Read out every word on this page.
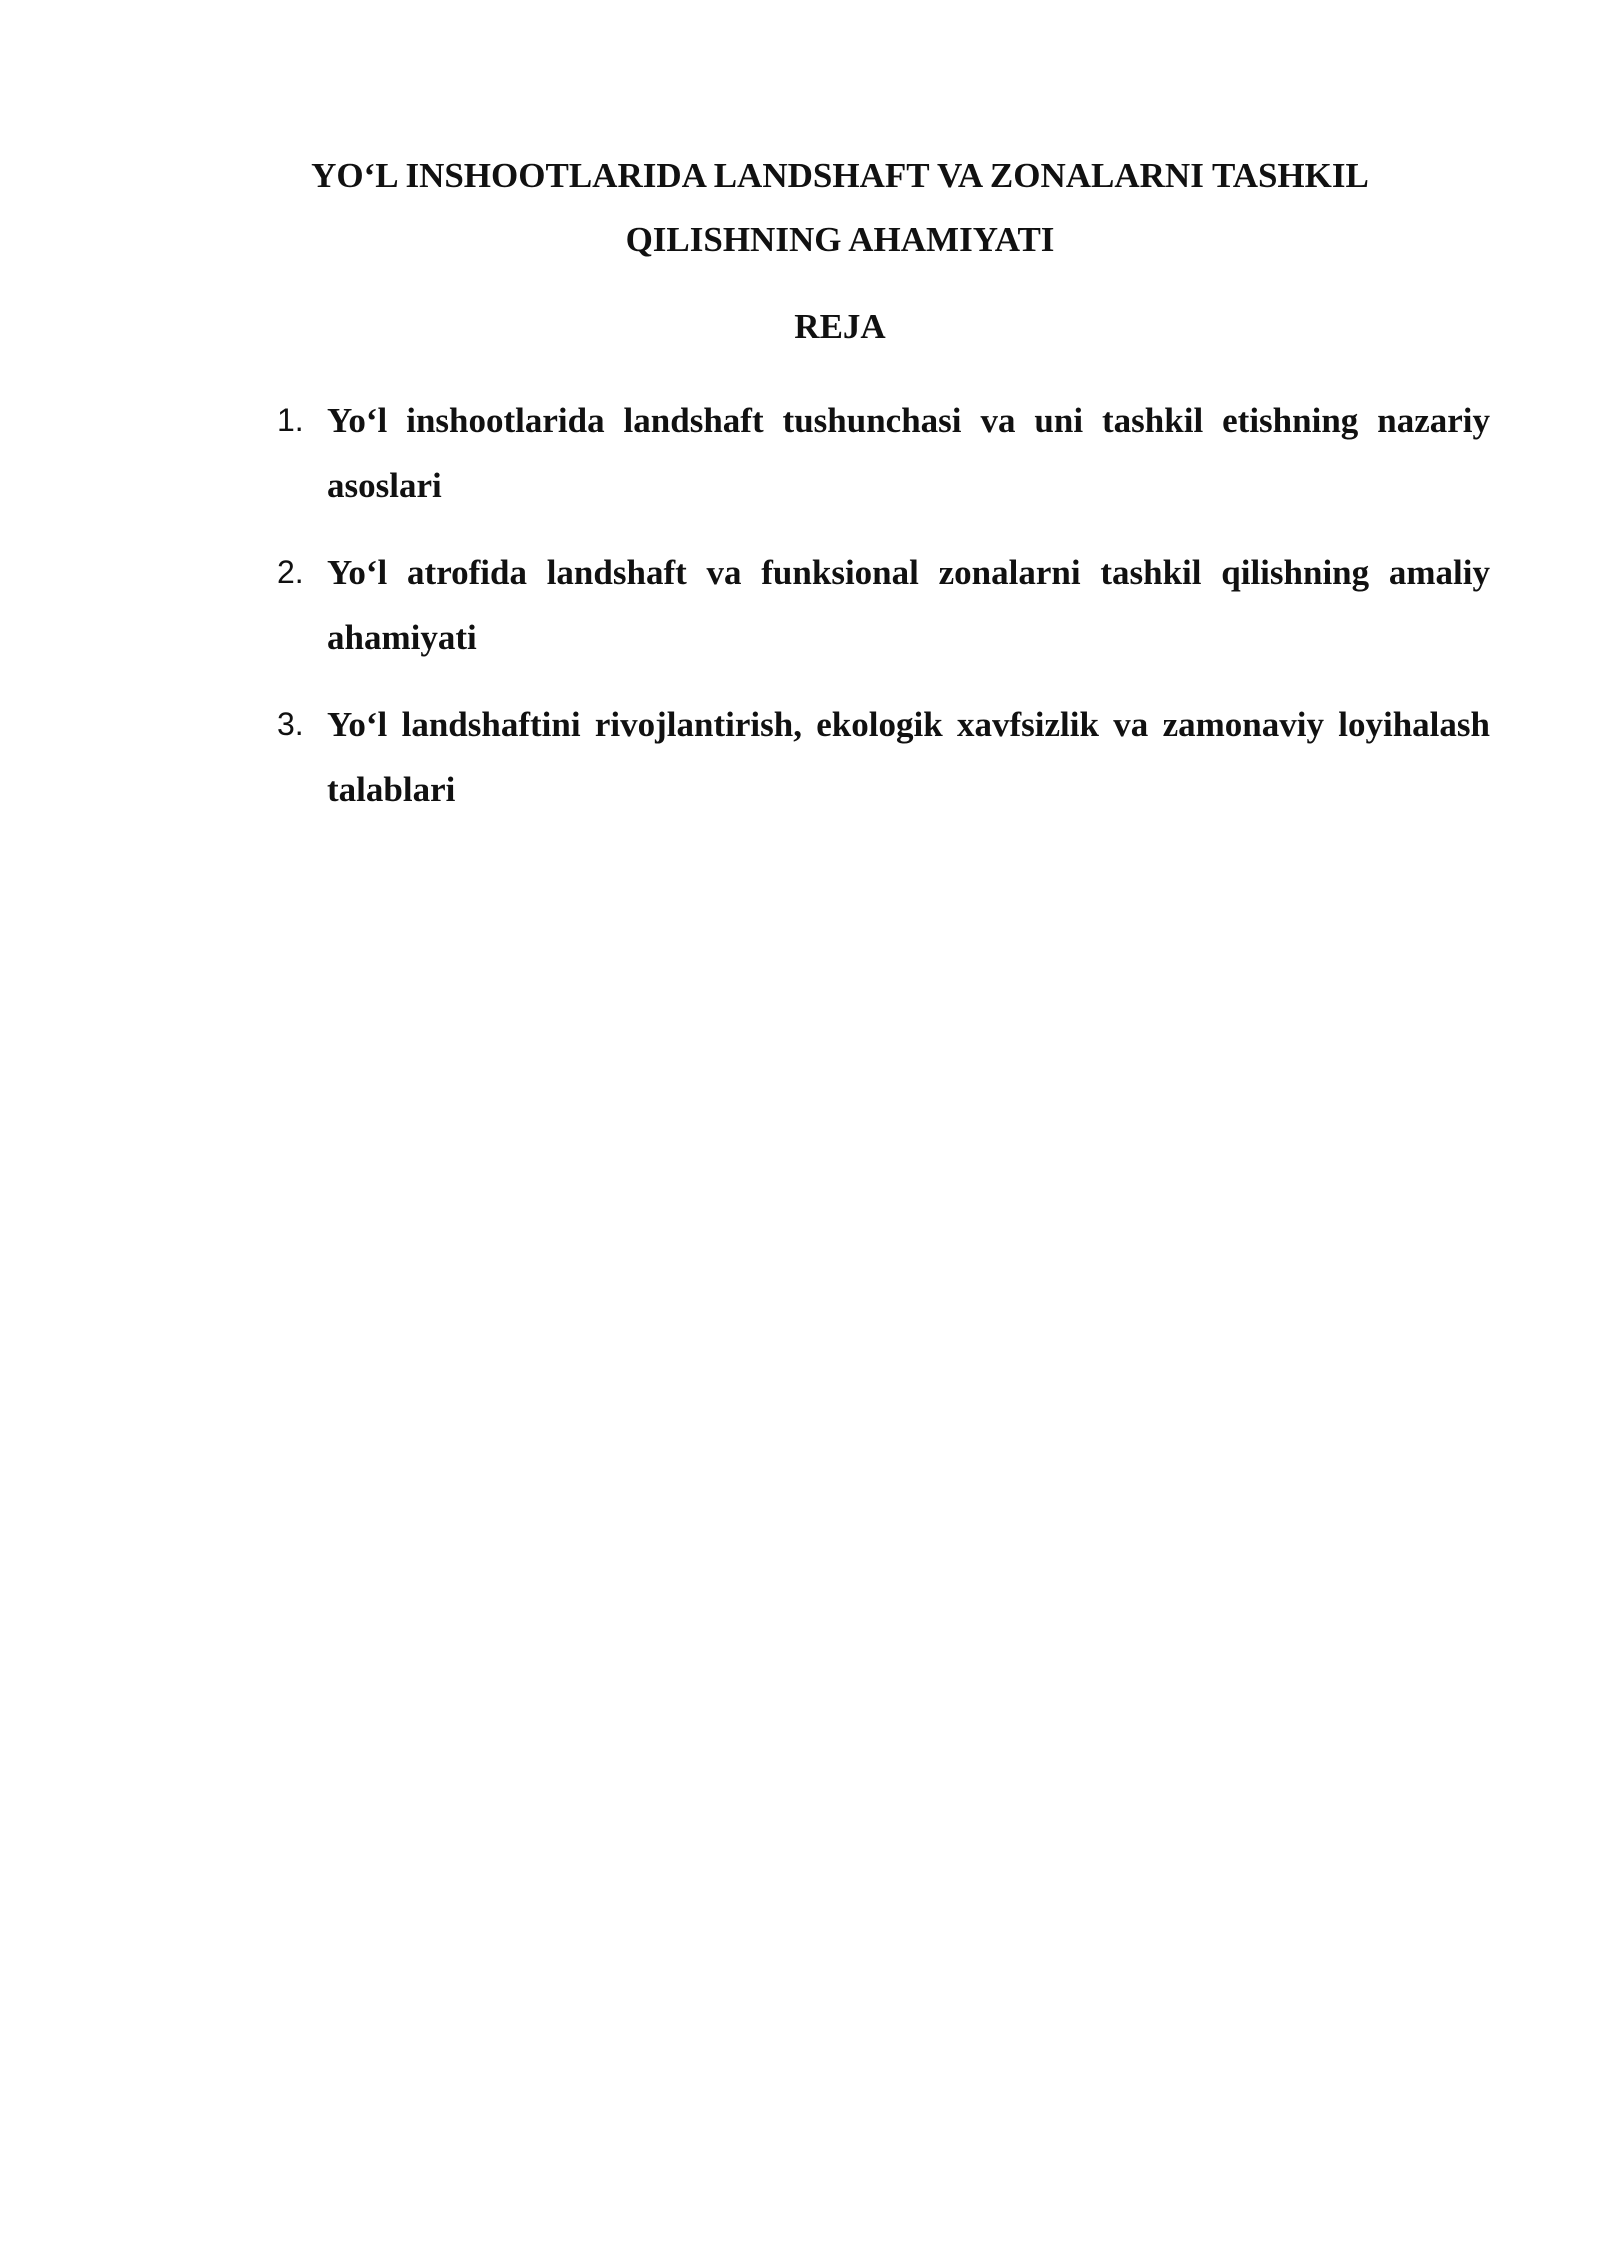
YO‘L INSHOOTLARIDA LANDSHAFT VA ZONALARNI TASHKIL
QILISHNING AHAMIYATI
REJA
1. Yo‘l inshootlarida landshaft tushunchasi va uni tashkil etishning nazariy asoslari
2. Yo‘l atrofida landshaft va funksional zonalarni tashkil qilishning amaliy ahamiyati
3. Yo‘l landshaftini rivojlantirish, ekologik xavfsizlik va zamonaviy loyihalash talablari
